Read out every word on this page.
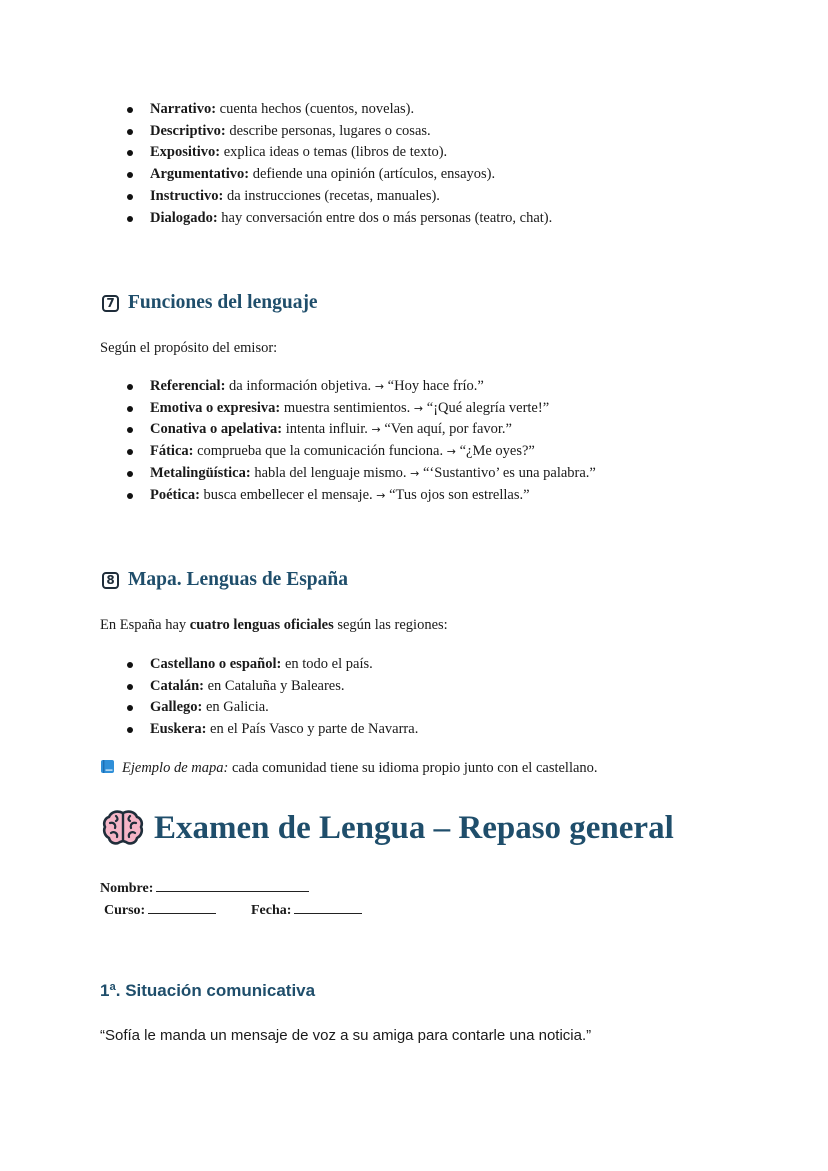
Narrativo: cuenta hechos (cuentos, novelas).
Descriptivo: describe personas, lugares o cosas.
Expositivo: explica ideas o temas (libros de texto).
Argumentativo: defiende una opinión (artículos, ensayos).
Instructivo: da instrucciones (recetas, manuales).
Dialogado: hay conversación entre dos o más personas (teatro, chat).
7 Funciones del lenguaje
Según el propósito del emisor:
Referencial: da información objetiva. → “Hoy hace frío.”
Emotiva o expresiva: muestra sentimientos. → “¡Qué alegría verte!”
Conativa o apelativa: intenta influir. → “Ven aquí, por favor.”
Fática: comprueba que la comunicación funciona. → “¿Me oyes?”
Metalingüística: habla del lenguaje mismo. → “‘Sustantivo’ es una palabra.”
Poética: busca embellecer el mensaje. → “Tus ojos son estrellas.”
8 Mapa. Lenguas de España
En España hay cuatro lenguas oficiales según las regiones:
Castellano o español: en todo el país.
Catalán: en Cataluña y Baleares.
Gallego: en Galicia.
Euskera: en el País Vasco y parte de Navarra.
Ejemplo de mapa: cada comunidad tiene su idioma propio junto con el castellano.
Examen de Lengua – Repaso general
Nombre:
Curso:	Fecha:
1ª. Situación comunicativa
“Sofía le manda un mensaje de voz a su amiga para contarle una noticia.”
